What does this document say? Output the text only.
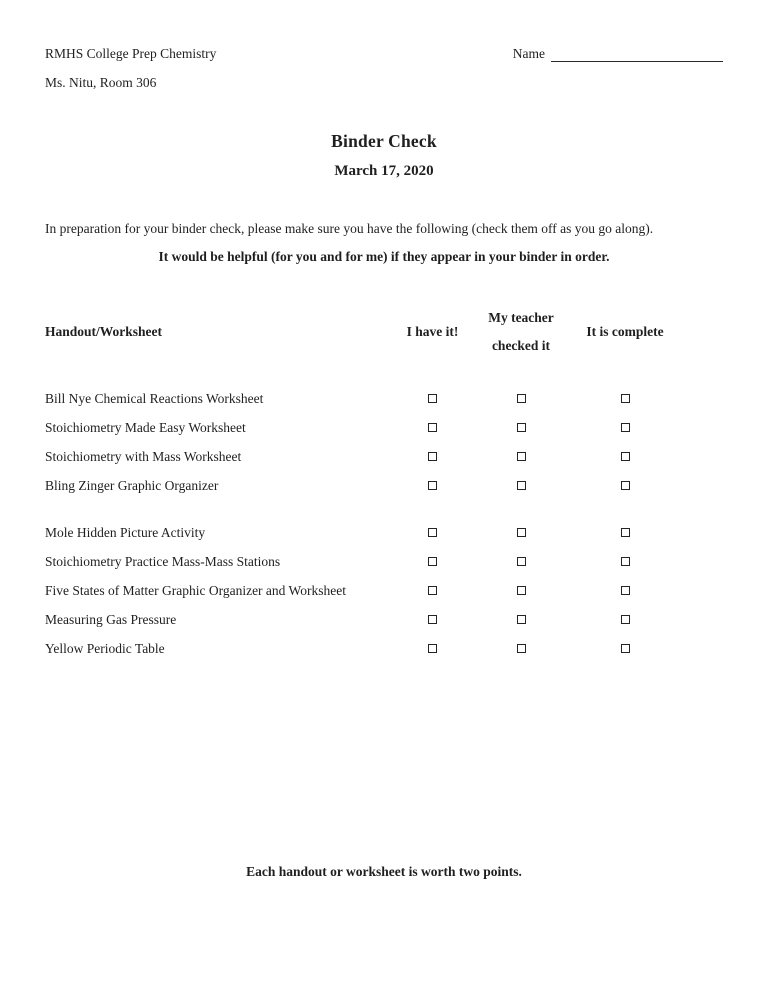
RMHS College Prep Chemistry	Name
Ms. Nitu, Room 306
Binder Check
March 17, 2020
In preparation for your binder check, please make sure you have the following (check them off as you go along).
It would be helpful (for you and for me) if they appear in your binder in order.
Handout/Worksheet	I have it!
My teacher
checked it
It is complete
Bill Nye Chemical Reactions Worksheet
Stoichiometry Made Easy Worksheet
Stoichiometry with Mass Worksheet
Bling Zinger Graphic Organizer
Mole Hidden Picture Activity
Stoichiometry Practice Mass-Mass Stations
Five States of Matter Graphic Organizer and Worksheet
Measuring Gas Pressure
Yellow Periodic Table
Each handout or worksheet is worth two points.
